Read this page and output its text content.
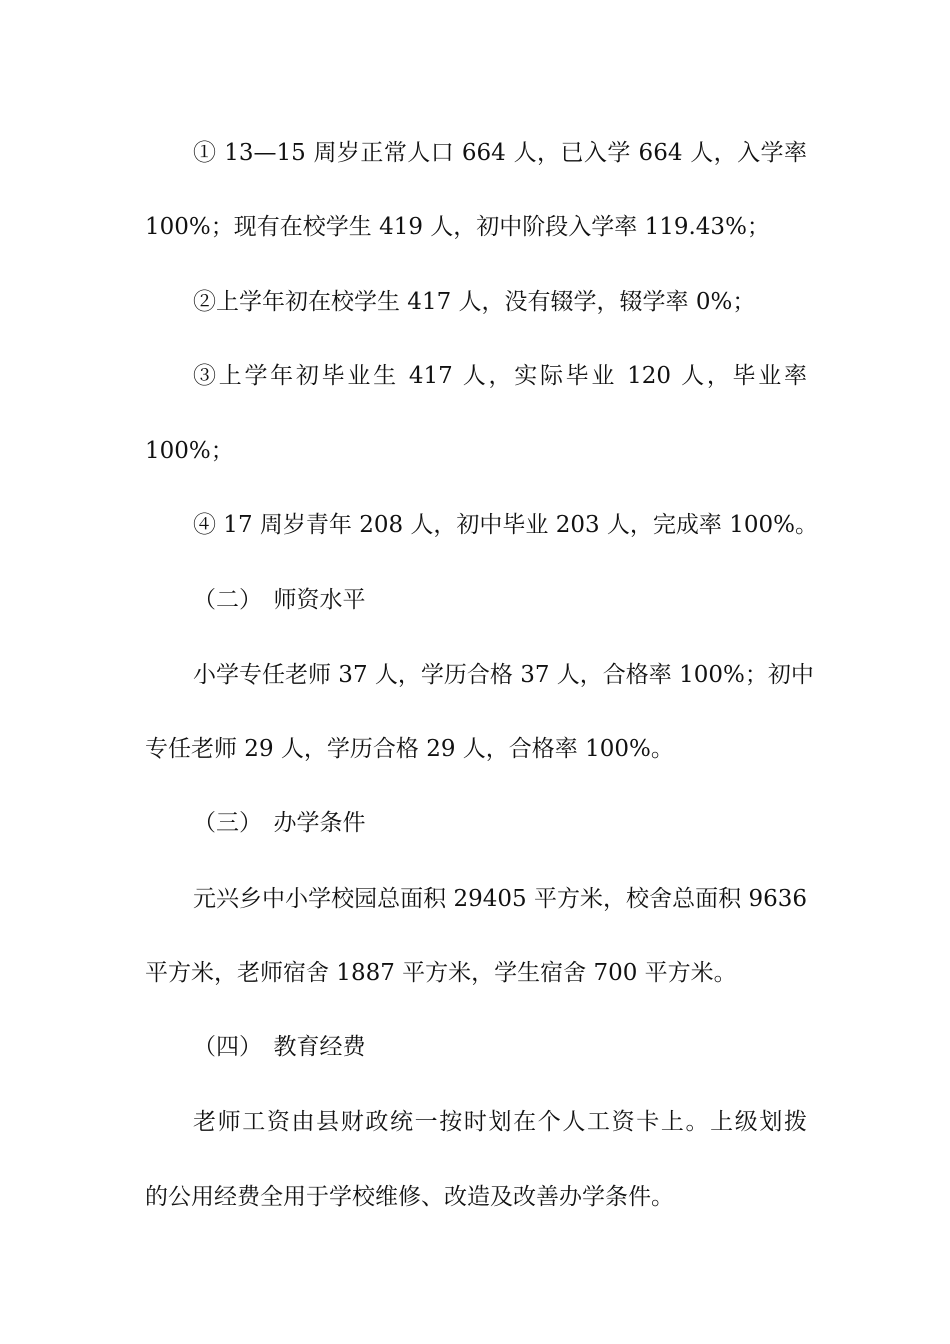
① 13—15 周岁正常人口 664 人，已入学 664 人，入学率
100%；现有在校学生 419 人，初中阶段入学率 119.43%；
②上学年初在校学生 417 人，没有辍学，辍学率 0%；
③上学年初毕业生 417 人，实际毕业 120 人，毕业率
100%；
④ 17 周岁青年 208 人，初中毕业 203 人，完成率 100%。
（二）　师资水平
小学专任老师 37 人，学历合格 37 人，合格率 100%；初中
专任老师 29 人，学历合格 29 人，合格率 100%。
（三）　办学条件
元兴乡中小学校园总面积 29405 平方米，校舍总面积 9636
平方米，老师宿舍 1887 平方米，学生宿舍 700 平方米。
（四）　教育经费
老师工资由县财政统一按时划在个人工资卡上。上级划拨
的公用经费全用于学校维修、改造及改善办学条件。
